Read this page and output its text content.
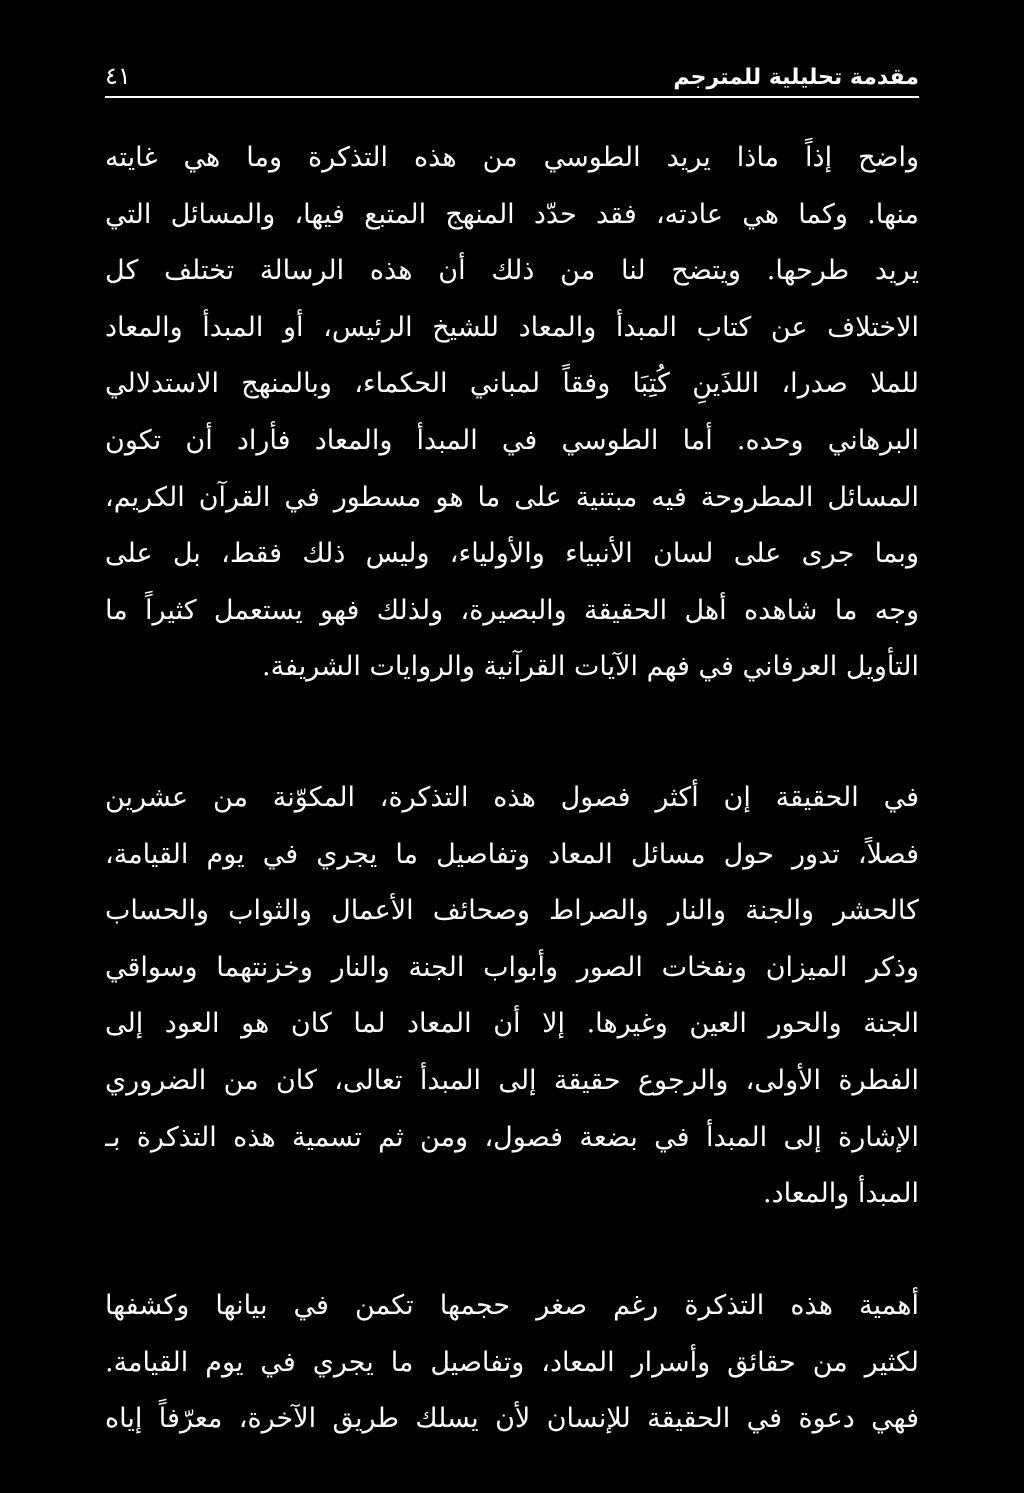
مقدمة تحليلية للمترجم
٤١
واضح إذاً ماذا يريد الطوسي من هذه التذكرة وما هي غايته
منها. وكما هي عادته، فقد حدّد المنهج المتبع فيها، والمسائل التي
يريد طرحها. ويتضح لنا من ذلك أن هذه الرسالة تختلف كل
الاختلاف عن كتاب المبدأ والمعاد للشيخ الرئيس، أو المبدأ والمعاد
للملا صدرا، اللذَينِ كُتِبَا وفقاً لمباني الحكماء، وبالمنهج الاستدلالي
البرهاني وحده. أما الطوسي في المبدأ والمعاد فأراد أن تكون
المسائل المطروحة فيه مبتنية على ما هو مسطور في القرآن الكريم،
وبما جرى على لسان الأنبياء والأولياء، وليس ذلك فقط، بل على
وجه ما شاهده أهل الحقيقة والبصيرة، ولذلك فهو يستعمل كثيراً ما
التأويل العرفاني في فهم الآيات القرآنية والروايات الشريفة.
في الحقيقة إن أكثر فصول هذه التذكرة، المكوّنة من عشرين
فصلاً، تدور حول مسائل المعاد وتفاصيل ما يجري في يوم القيامة،
كالحشر والجنة والنار والصراط وصحائف الأعمال والثواب والحساب
وذكر الميزان ونفخات الصور وأبواب الجنة والنار وخزنتهما وسواقي
الجنة والحور العين وغيرها. إلا أن المعاد لما كان هو العود إلى
الفطرة الأولى، والرجوع حقيقة إلى المبدأ تعالى، كان من الضروري
الإشارة إلى المبدأ في بضعة فصول، ومن ثم تسمية هذه التذكرة بـ
المبدأ والمعاد.
أهمية هذه التذكرة رغم صغر حجمها تكمن في بيانها وكشفها
لكثير من حقائق وأسرار المعاد، وتفاصيل ما يجري في يوم القيامة.
فهي دعوة في الحقيقة للإنسان لأن يسلك طريق الآخرة، معرّفاً إياه
